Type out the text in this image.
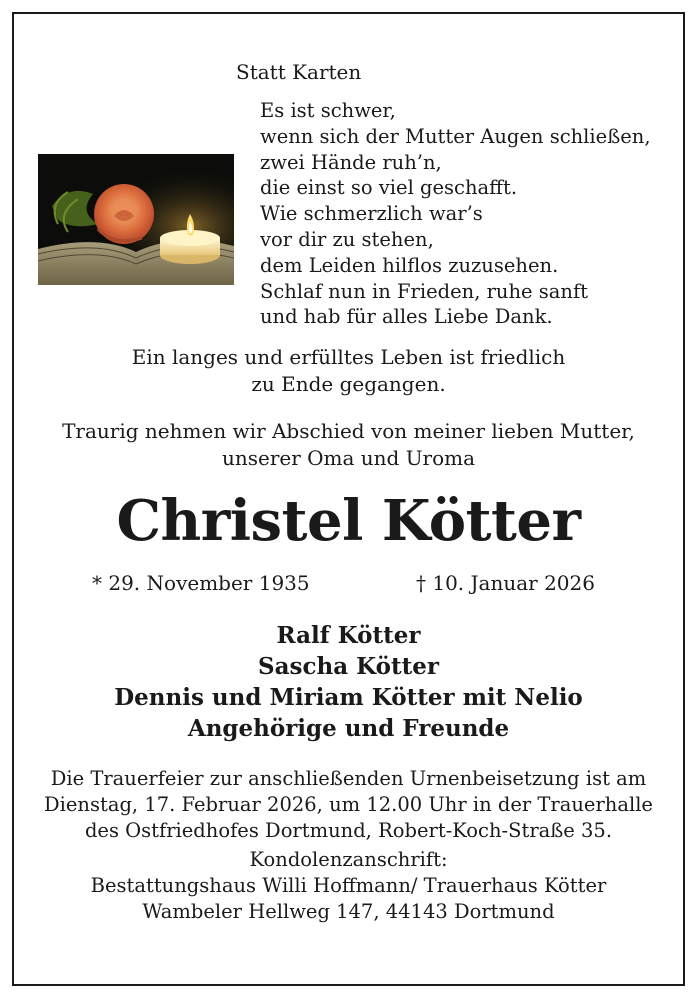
Statt Karten
Es ist schwer,
wenn sich der Mutter Augen schließen,
zwei Hände ruh’n,
die einst so viel geschafft.
Wie schmerzlich war’s
vor dir zu stehen,
dem Leiden hilflos zuzusehen.
Schlaf nun in Frieden, ruhe sanft
und hab für alles Liebe Dank.
Ein langes und erfülltes Leben ist friedlich
zu Ende gegangen.
Traurig nehmen wir Abschied von meiner lieben Mutter,
unserer Oma und Uroma
Christel Kötter
* 29. November 1935	† 10. Januar 2026
Ralf Kötter
Sascha Kötter
Dennis und Miriam Kötter mit Nelio
Angehörige und Freunde
Die Trauerfeier zur anschließenden Urnenbeisetzung ist am
Dienstag, 17. Februar 2026, um 12.00 Uhr in der Trauerhalle
des Ostfriedhofes Dortmund, Robert-Koch-Straße 35.
Kondolenzanschrift:
Bestattungshaus Willi Hoffmann/ Trauerhaus Kötter
Wambeler Hellweg 147, 44143 Dortmund
